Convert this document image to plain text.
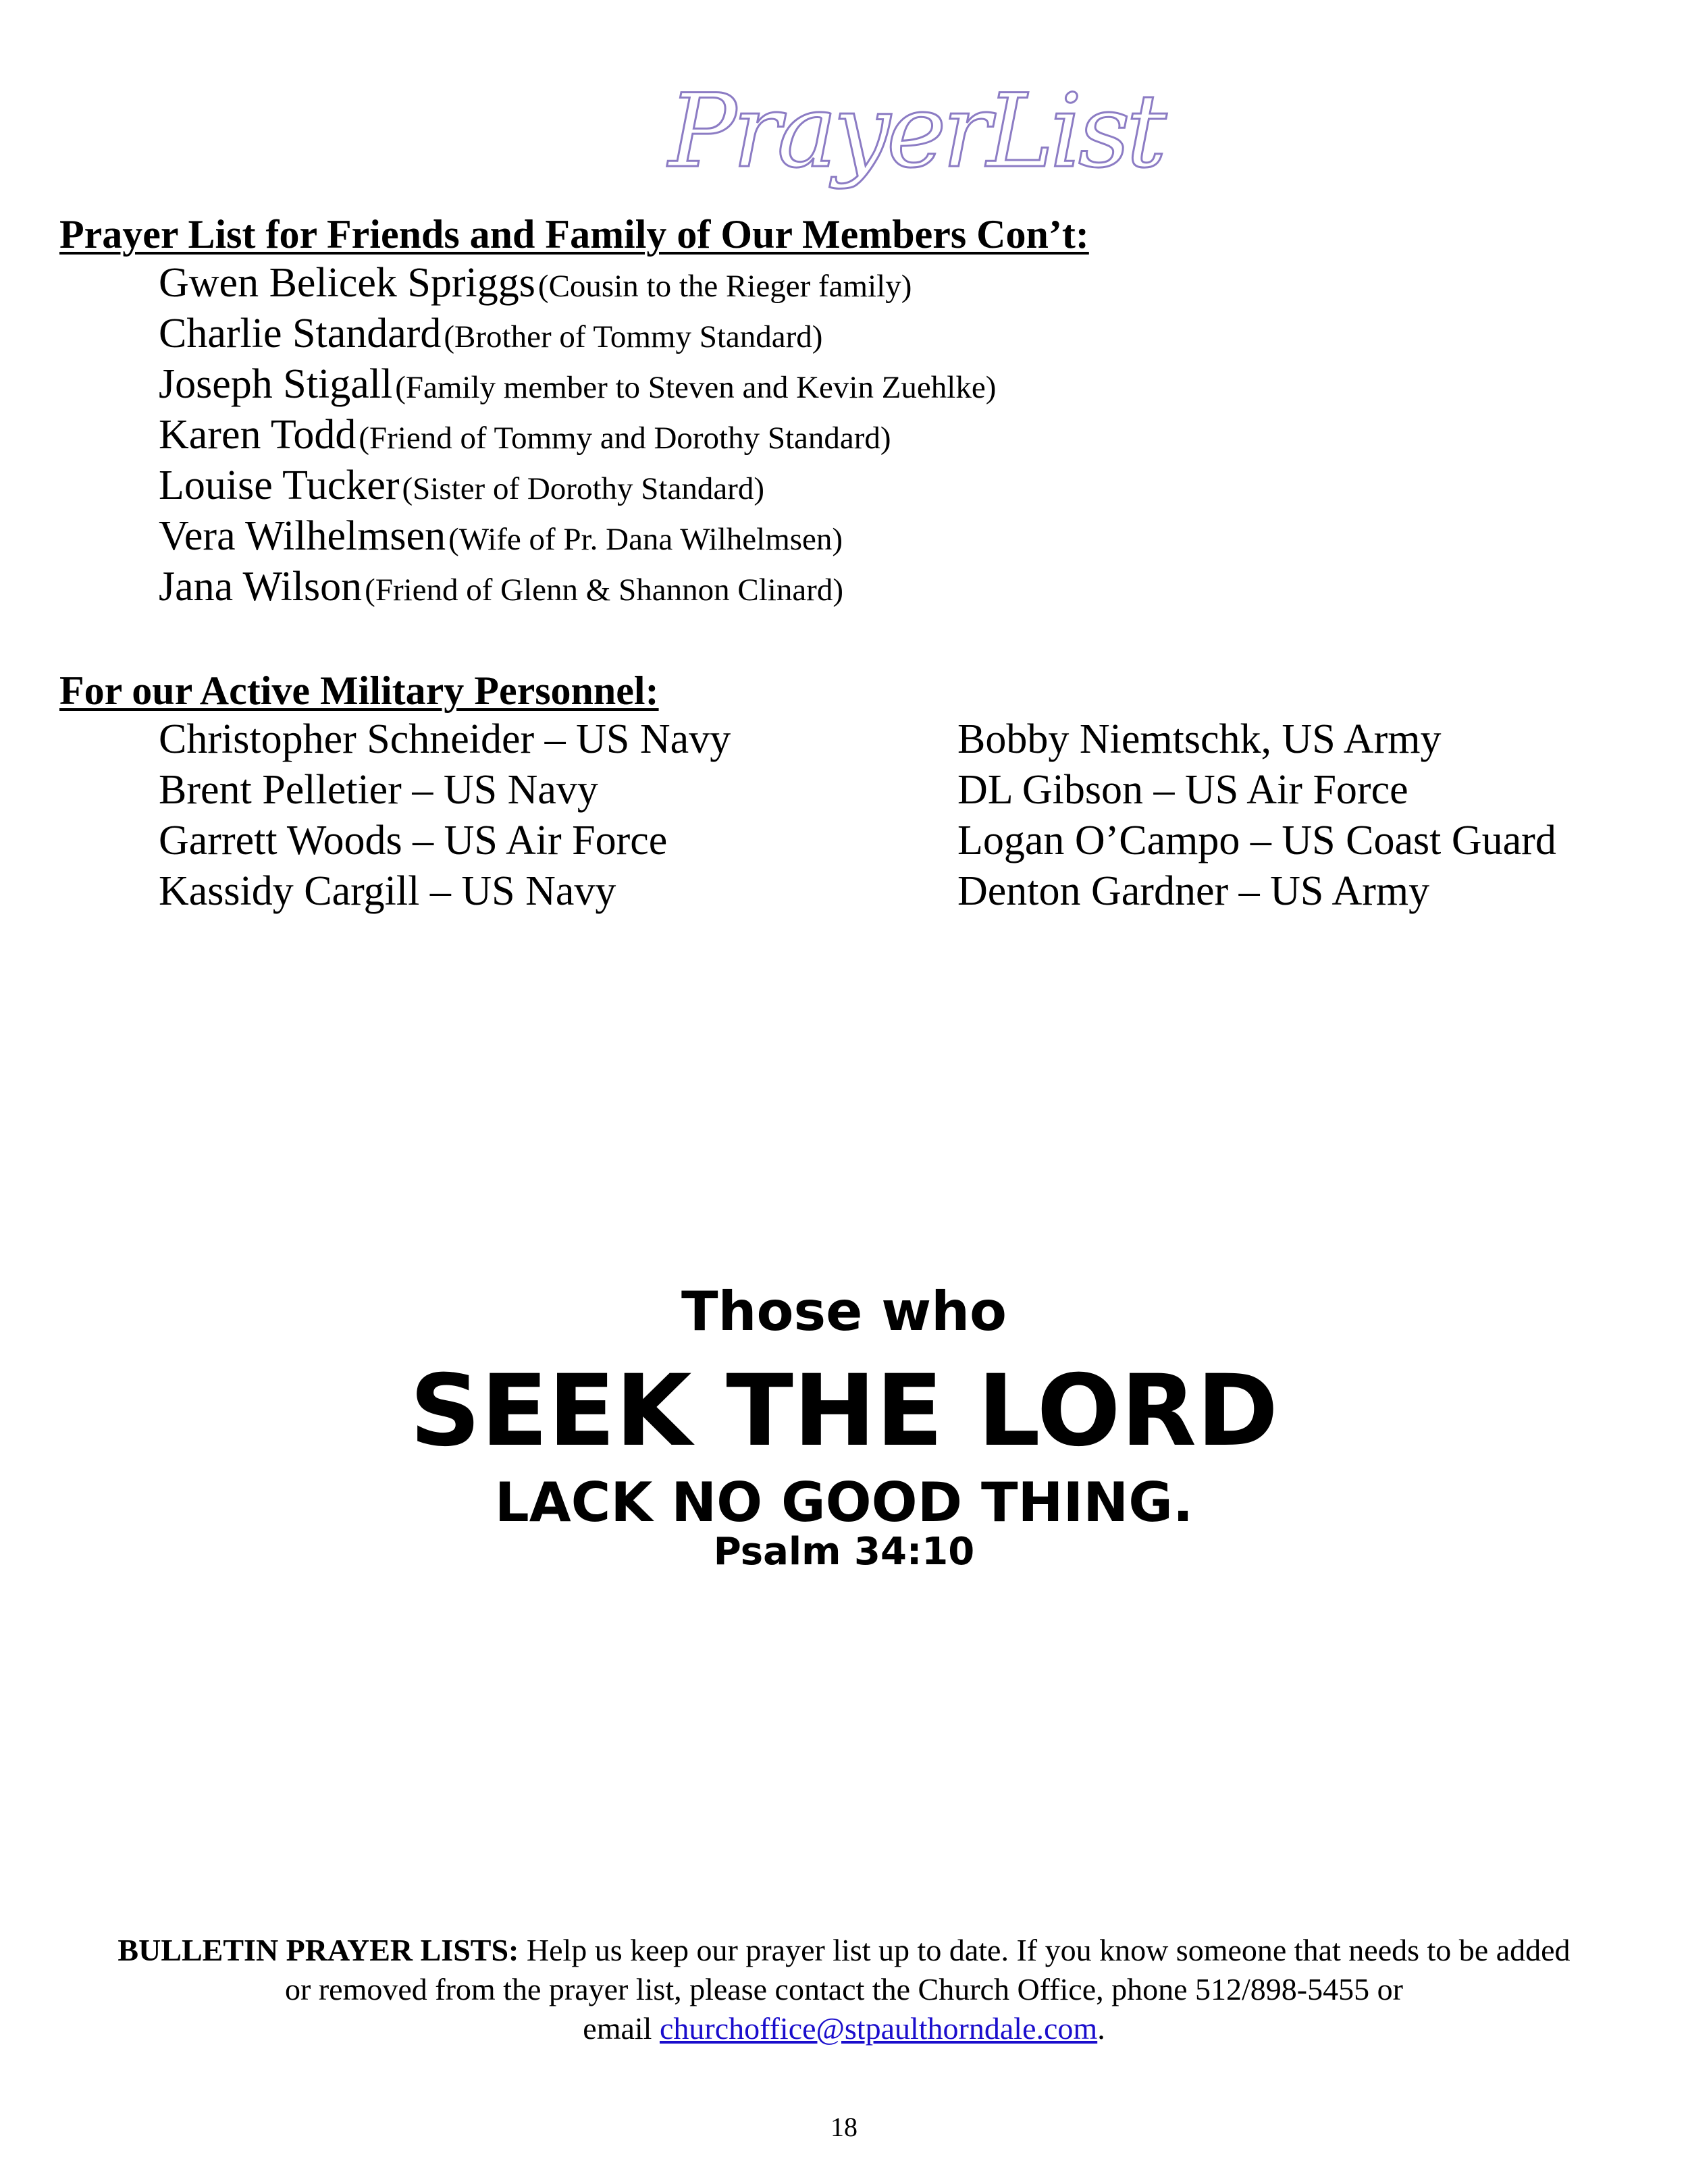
PrayerList
Prayer List for Friends and Family of Our Members Con’t:
Gwen Belicek Spriggs (Cousin to the Rieger family)
Charlie Standard (Brother of Tommy Standard)
Joseph Stigall (Family member to Steven and Kevin Zuehlke)
Karen Todd (Friend of Tommy and Dorothy Standard)
Louise Tucker (Sister of Dorothy Standard)
Vera Wilhelmsen (Wife of Pr. Dana Wilhelmsen)
Jana Wilson (Friend of Glenn & Shannon Clinard)
For our Active Military Personnel:
Christopher Schneider – US Navy
Brent Pelletier – US Navy
Garrett Woods – US Air Force
Kassidy Cargill – US Navy
Bobby Niemtschk, US Army
DL Gibson – US Air Force
Logan O’Campo – US Coast Guard
Denton Gardner – US Army
Those who
SEEK THE LORD
LACK NO GOOD THING.
Psalm 34:10
BULLETIN PRAYER LISTS: Help us keep our prayer list up to date. If you know someone that needs to be added
or removed from the prayer list, please contact the Church Office, phone 512/898-5455 or
email churchoffice@stpaulthorndale.com.
18
